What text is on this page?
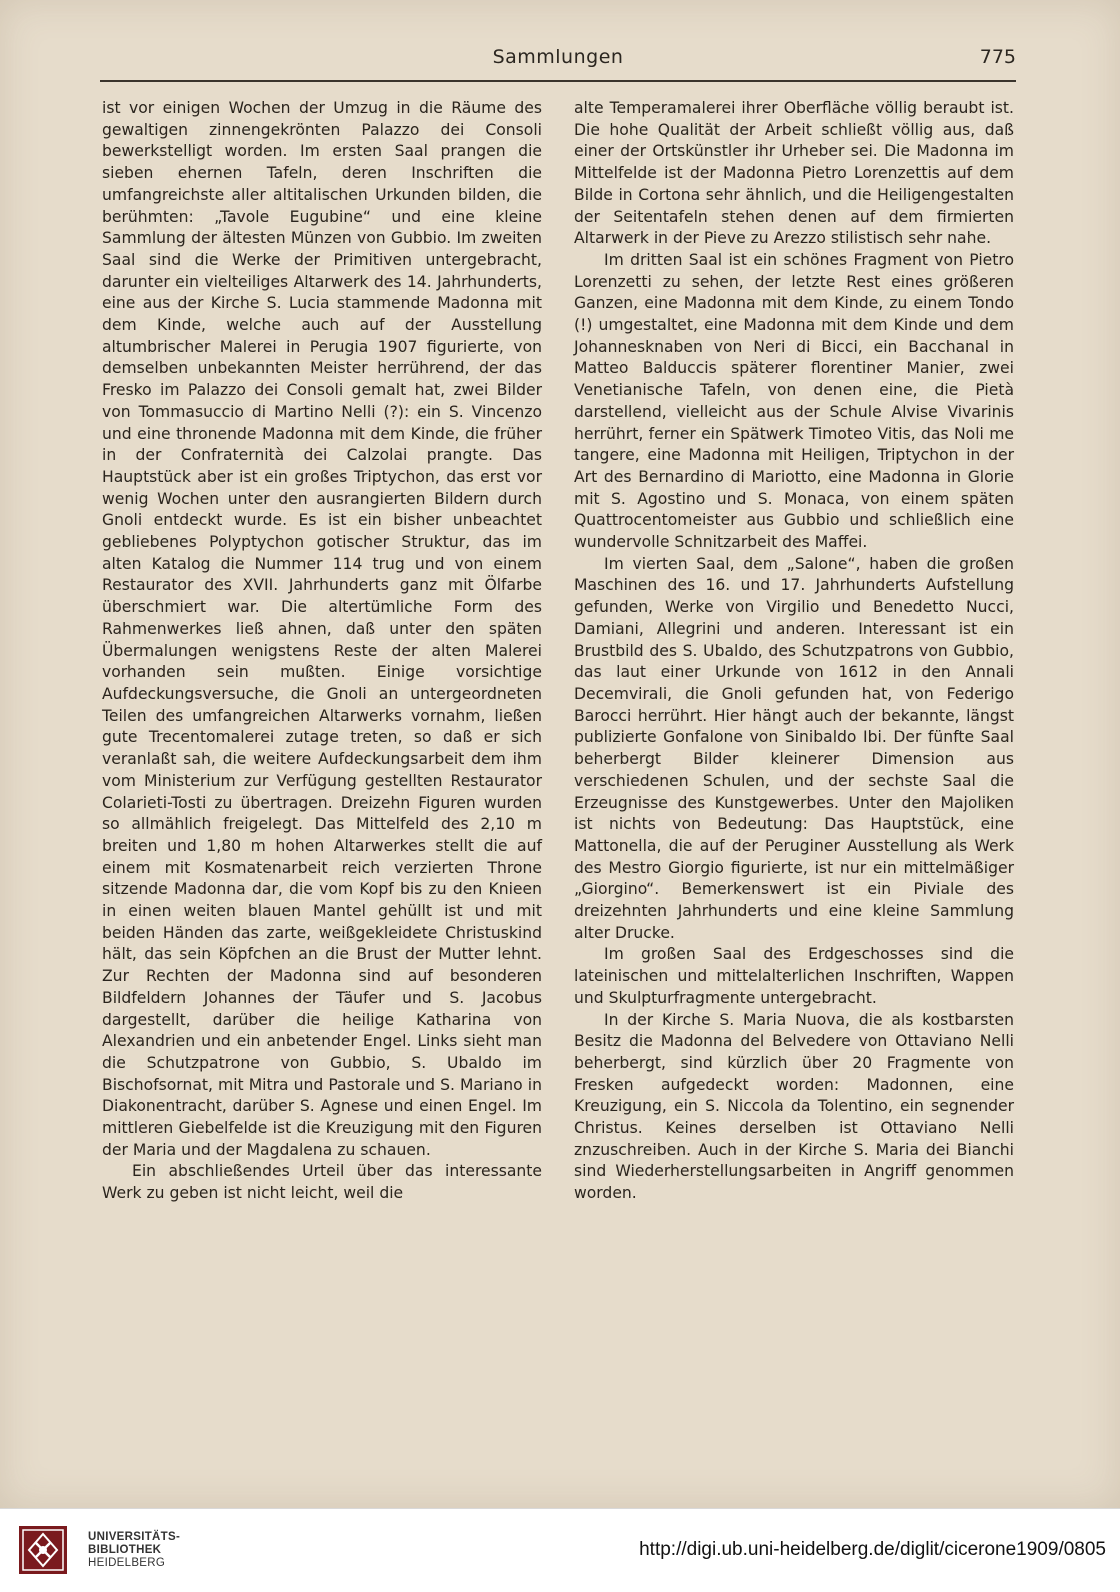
Sammlungen	775

ist vor einigen Wochen der Umzug in die Räume des gewaltigen zinnengekrönten Palazzo dei Consoli bewerkstelligt worden. Im ersten Saal prangen die sieben ehernen Tafeln, deren Inschriften die umfangreichste aller altitalischen Urkunden bilden, die berühmten: „Tavole Eugubine“ und eine kleine Sammlung der ältesten Münzen von Gubbio. Im zweiten Saal sind die Werke der Primitiven untergebracht, darunter ein vielteiliges Altarwerk des 14. Jahrhunderts, eine aus der Kirche S. Lucia stammende Madonna mit dem Kinde, welche auch auf der Ausstellung altumbrischer Malerei in Perugia 1907 figurierte, von demselben unbekannten Meister herrührend, der das Fresko im Palazzo dei Consoli gemalt hat, zwei Bilder von Tommasuccio di Martino Nelli (?): ein S. Vincenzo und eine thronende Madonna mit dem Kinde, die früher in der Confraternità dei Calzolai prangte. Das Hauptstück aber ist ein großes Triptychon, das erst vor wenig Wochen unter den ausrangierten Bildern durch Gnoli entdeckt wurde. Es ist ein bisher unbeachtet gebliebenes Polyptychon gotischer Struktur, das im alten Katalog die Nummer 114 trug und von einem Restaurator des XVII. Jahrhunderts ganz mit Ölfarbe überschmiert war. Die altertümliche Form des Rahmenwerkes ließ ahnen, daß unter den späten Übermalungen wenigstens Reste der alten Malerei vorhanden sein mußten. Einige vorsichtige Aufdeckungsversuche, die Gnoli an untergeordneten Teilen des umfangreichen Altarwerks vornahm, ließen gute Trecentomalerei zutage treten, so daß er sich veranlaßt sah, die weitere Aufdeckungsarbeit dem ihm vom Ministerium zur Verfügung gestellten Restaurator Colarieti-Tosti zu übertragen. Dreizehn Figuren wurden so allmählich freigelegt. Das Mittelfeld des 2,10 m breiten und 1,80 m hohen Altarwerkes stellt die auf einem mit Kosmatenarbeit reich verzierten Throne sitzende Madonna dar, die vom Kopf bis zu den Knieen in einen weiten blauen Mantel gehüllt ist und mit beiden Händen das zarte, weißgekleidete Christuskind hält, das sein Köpfchen an die Brust der Mutter lehnt. Zur Rechten der Madonna sind auf besonderen Bildfeldern Johannes der Täufer und S. Jacobus dargestellt, darüber die heilige Katharina von Alexandrien und ein anbetender Engel. Links sieht man die Schutzpatrone von Gubbio, S. Ubaldo im Bischofsornat, mit Mitra und Pastorale und S. Mariano in Diakonentracht, darüber S. Agnese und einen Engel. Im mittleren Giebelfelde ist die Kreuzigung mit den Figuren der Maria und der Magdalena zu schauen.

Ein abschließendes Urteil über das interessante Werk zu geben ist nicht leicht, weil die

alte Temperamalerei ihrer Oberfläche völlig beraubt ist. Die hohe Qualität der Arbeit schließt völlig aus, daß einer der Ortskünstler ihr Urheber sei. Die Madonna im Mittelfelde ist der Madonna Pietro Lorenzettis auf dem Bilde in Cortona sehr ähnlich, und die Heiligengestalten der Seitentafeln stehen denen auf dem firmierten Altarwerk in der Pieve zu Arezzo stilistisch sehr nahe.

Im dritten Saal ist ein schönes Fragment von Pietro Lorenzetti zu sehen, der letzte Rest eines größeren Ganzen, eine Madonna mit dem Kinde, zu einem Tondo (!) umgestaltet, eine Madonna mit dem Kinde und dem Johannesknaben von Neri di Bicci, ein Bacchanal in Matteo Balduccis späterer florentiner Manier, zwei Venetianische Tafeln, von denen eine, die Pietà darstellend, vielleicht aus der Schule Alvise Vivarinis herrührt, ferner ein Spätwerk Timoteo Vitis, das Noli me tangere, eine Madonna mit Heiligen, Triptychon in der Art des Bernardino di Mariotto, eine Madonna in Glorie mit S. Agostino und S. Monaca, von einem späten Quattrocentomeister aus Gubbio und schließlich eine wundervolle Schnitzarbeit des Maffei.

Im vierten Saal, dem „Salone“, haben die großen Maschinen des 16. und 17. Jahrhunderts Aufstellung gefunden, Werke von Virgilio und Benedetto Nucci, Damiani, Allegrini und anderen. Interessant ist ein Brustbild des S. Ubaldo, des Schutzpatrons von Gubbio, das laut einer Urkunde von 1612 in den Annali Decemvirali, die Gnoli gefunden hat, von Federigo Barocci herrührt. Hier hängt auch der bekannte, längst publizierte Gonfalone von Sinibaldo Ibi. Der fünfte Saal beherbergt Bilder kleinerer Dimension aus verschiedenen Schulen, und der sechste Saal die Erzeugnisse des Kunstgewerbes. Unter den Majoliken ist nichts von Bedeutung: Das Hauptstück, eine Mattonella, die auf der Peruginer Ausstellung als Werk des Mestro Giorgio figurierte, ist nur ein mittelmäßiger „Giorgino“. Bemerkenswert ist ein Piviale des dreizehnten Jahrhunderts und eine kleine Sammlung alter Drucke.

Im großen Saal des Erdgeschosses sind die lateinischen und mittelalterlichen Inschriften, Wappen und Skulpturfragmente untergebracht.

In der Kirche S. Maria Nuova, die als kostbarsten Besitz die Madonna del Belvedere von Ottaviano Nelli beherbergt, sind kürzlich über 20 Fragmente von Fresken aufgedeckt worden: Madonnen, eine Kreuzigung, ein S. Niccola da Tolentino, ein segnender Christus. Keines derselben ist Ottaviano Nelli znzuschreiben. Auch in der Kirche S. Maria dei Bianchi sind Wiederherstellungsarbeiten in Angriff genommen worden.

UNIVERSITÄTS-
BIBLIOTHEK
HEIDELBERG
http://digi.ub.uni-heidelberg.de/diglit/cicerone1909/0805
